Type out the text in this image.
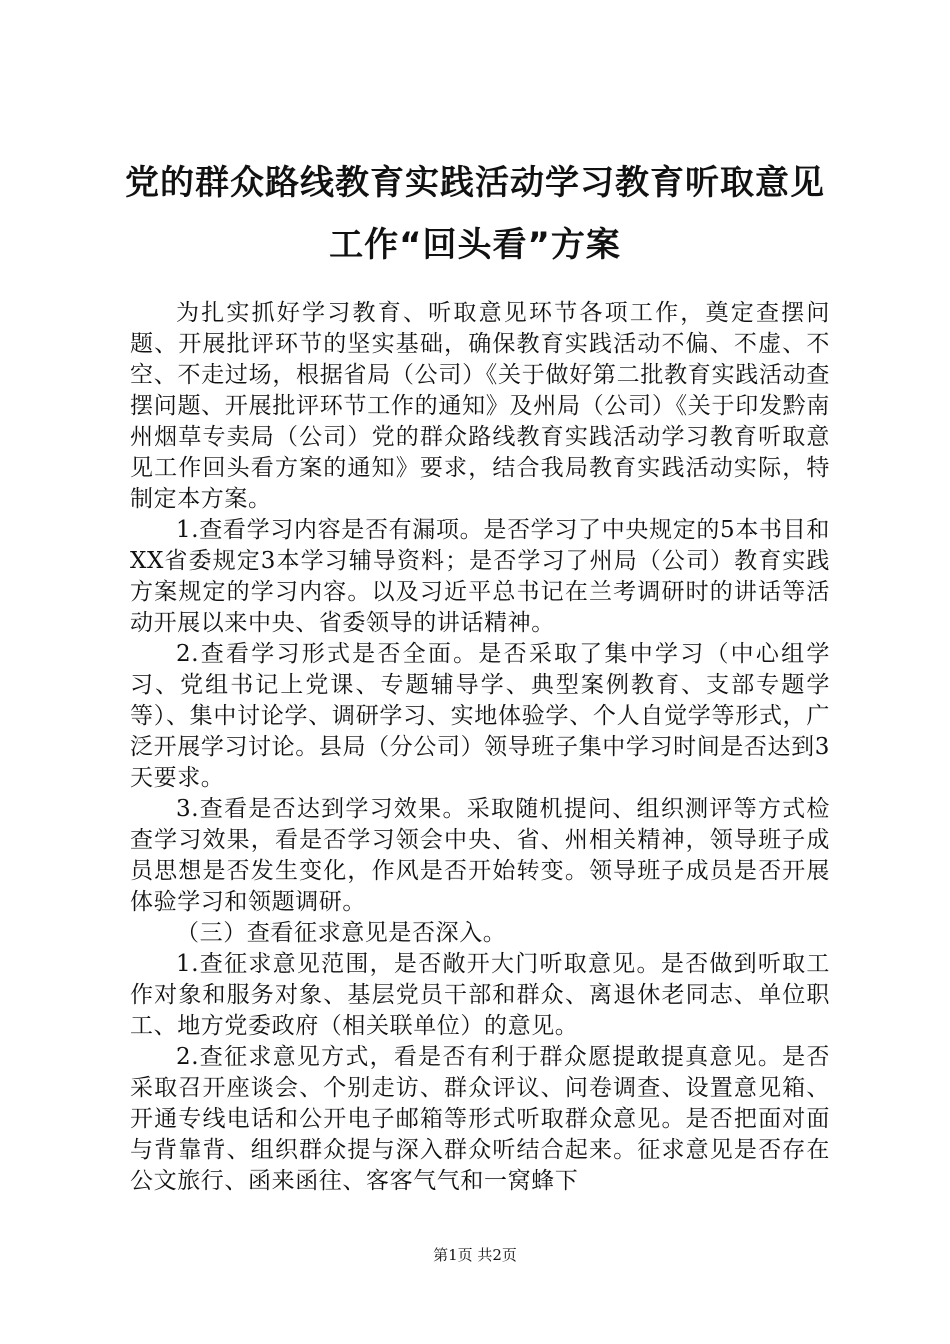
党的群众路线教育实践活动学习教育听取意见
工作“回头看”方案

为扎实抓好学习教育、听取意见环节各项工作，奠定查摆问题、开展批评环节的坚实基础，确保教育实践活动不偏、不虚、不空、不走过场，根据省局（公司）《关于做好第二批教育实践活动查摆问题、开展批评环节工作的通知》及州局（公司）《关于印发黔南州烟草专卖局（公司）党的群众路线教育实践活动学习教育听取意见工作回头看方案的通知》要求，结合我局教育实践活动实际，特制定本方案。

1.查看学习内容是否有漏项。是否学习了中央规定的5本书目和XX省委规定3本学习辅导资料；是否学习了州局（公司）教育实践方案规定的学习内容。以及习近平总书记在兰考调研时的讲话等活动开展以来中央、省委领导的讲话精神。

2.查看学习形式是否全面。是否采取了集中学习（中心组学习、党组书记上党课、专题辅导学、典型案例教育、支部专题学等）、集中讨论学、调研学习、实地体验学、个人自觉学等形式，广泛开展学习讨论。县局（分公司）领导班子集中学习时间是否达到3天要求。

3.查看是否达到学习效果。采取随机提问、组织测评等方式检查学习效果，看是否学习领会中央、省、州相关精神，领导班子成员思想是否发生变化，作风是否开始转变。领导班子成员是否开展体验学习和领题调研。

（三）查看征求意见是否深入。

1.查征求意见范围，是否敞开大门听取意见。是否做到听取工作对象和服务对象、基层党员干部和群众、离退休老同志、单位职工、地方党委政府（相关联单位）的意见。

2.查征求意见方式，看是否有利于群众愿提敢提真意见。是否采取召开座谈会、个别走访、群众评议、问卷调查、设置意见箱、开通专线电话和公开电子邮箱等形式听取群众意见。是否把面对面与背靠背、组织群众提与深入群众听结合起来。征求意见是否存在公文旅行、函来函往、客客气气和一窝蜂下

第1页 共2页
